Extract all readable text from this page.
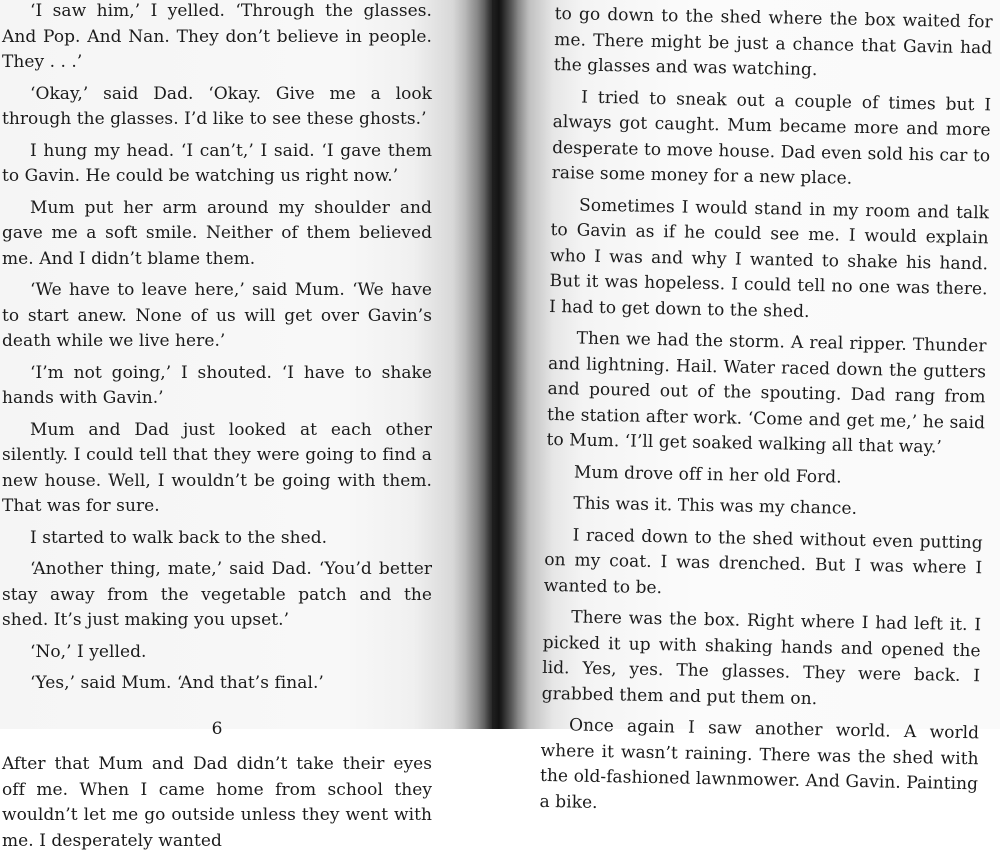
‘I saw him,’ I yelled. ‘Through the glasses. And Pop. And Nan. They don’t believe in people. They . . .’

‘Okay,’ said Dad. ‘Okay. Give me a look through the glasses. I’d like to see these ghosts.’

I hung my head. ‘I can’t,’ I said. ‘I gave them to Gavin. He could be watching us right now.’

Mum put her arm around my shoulder and gave me a soft smile. Neither of them believed me. And I didn’t blame them.

‘We have to leave here,’ said Mum. ‘We have to start anew. None of us will get over Gavin’s death while we live here.’

‘I’m not going,’ I shouted. ‘I have to shake hands with Gavin.’

Mum and Dad just looked at each other silently. I could tell that they were going to find a new house. Well, I wouldn’t be going with them. That was for sure.

I started to walk back to the shed.

‘Another thing, mate,’ said Dad. ‘You’d better stay away from the vegetable patch and the shed. It’s just making you upset.’

‘No,’ I yelled.

‘Yes,’ said Mum. ‘And that’s final.’

6

After that Mum and Dad didn’t take their eyes off me. When I came home from school they wouldn’t let me go outside unless they went with me. I desperately wanted

to go down to the shed where the box waited for me. There might be just a chance that Gavin had the glasses and was watching.

I tried to sneak out a couple of times but I always got caught. Mum became more and more desperate to move house. Dad even sold his car to raise some money for a new place.

Sometimes I would stand in my room and talk to Gavin as if he could see me. I would explain who I was and why I wanted to shake his hand. But it was hopeless. I could tell no one was there. I had to get down to the shed.

Then we had the storm. A real ripper. Thunder and lightning. Hail. Water raced down the gutters and poured out of the spouting. Dad rang from the station after work. ‘Come and get me,’ he said to Mum. ‘I’ll get soaked walking all that way.’

Mum drove off in her old Ford.

This was it. This was my chance.

I raced down to the shed without even putting on my coat. I was drenched. But I was where I wanted to be.

There was the box. Right where I had left it. I picked it up with shaking hands and opened the lid. Yes, yes. The glasses. They were back. I grabbed them and put them on.

Once again I saw another world. A world where it wasn’t raining. There was the shed with the old-fashioned lawnmower. And Gavin. Painting a bike.
